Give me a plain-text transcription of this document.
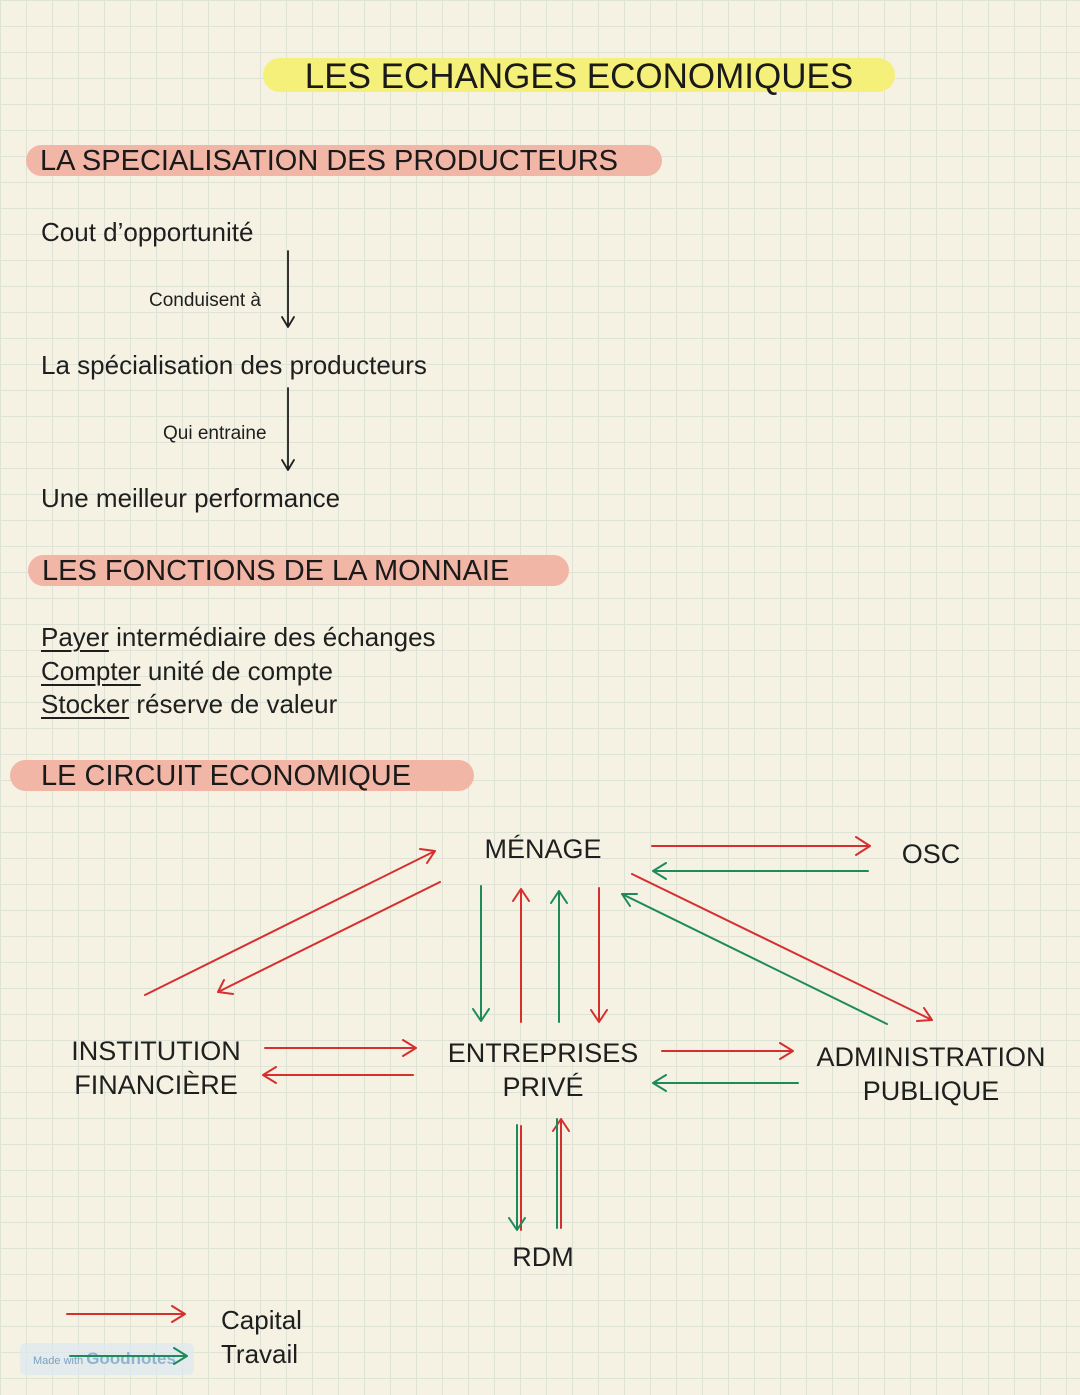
LES ECHANGES ECONOMIQUES
LA SPECIALISATION DES PRODUCTEURS
Cout d’opportunité
Conduisent à
La spécialisation des producteurs
Qui entraine
Une meilleur performance
LES FONCTIONS DE LA MONNAIE
Payer intermédiaire des échanges
Compter unité de compte
Stocker réserve de valeur
LE CIRCUIT ECONOMIQUE
MÉNAGE	OSC
INSTITUTION
FINANCIÈRE
ENTREPRISES
PRIVÉ
ADMINISTRATION
PUBLIQUE
RDM
Capital
Travail
Made with Goodnotes
